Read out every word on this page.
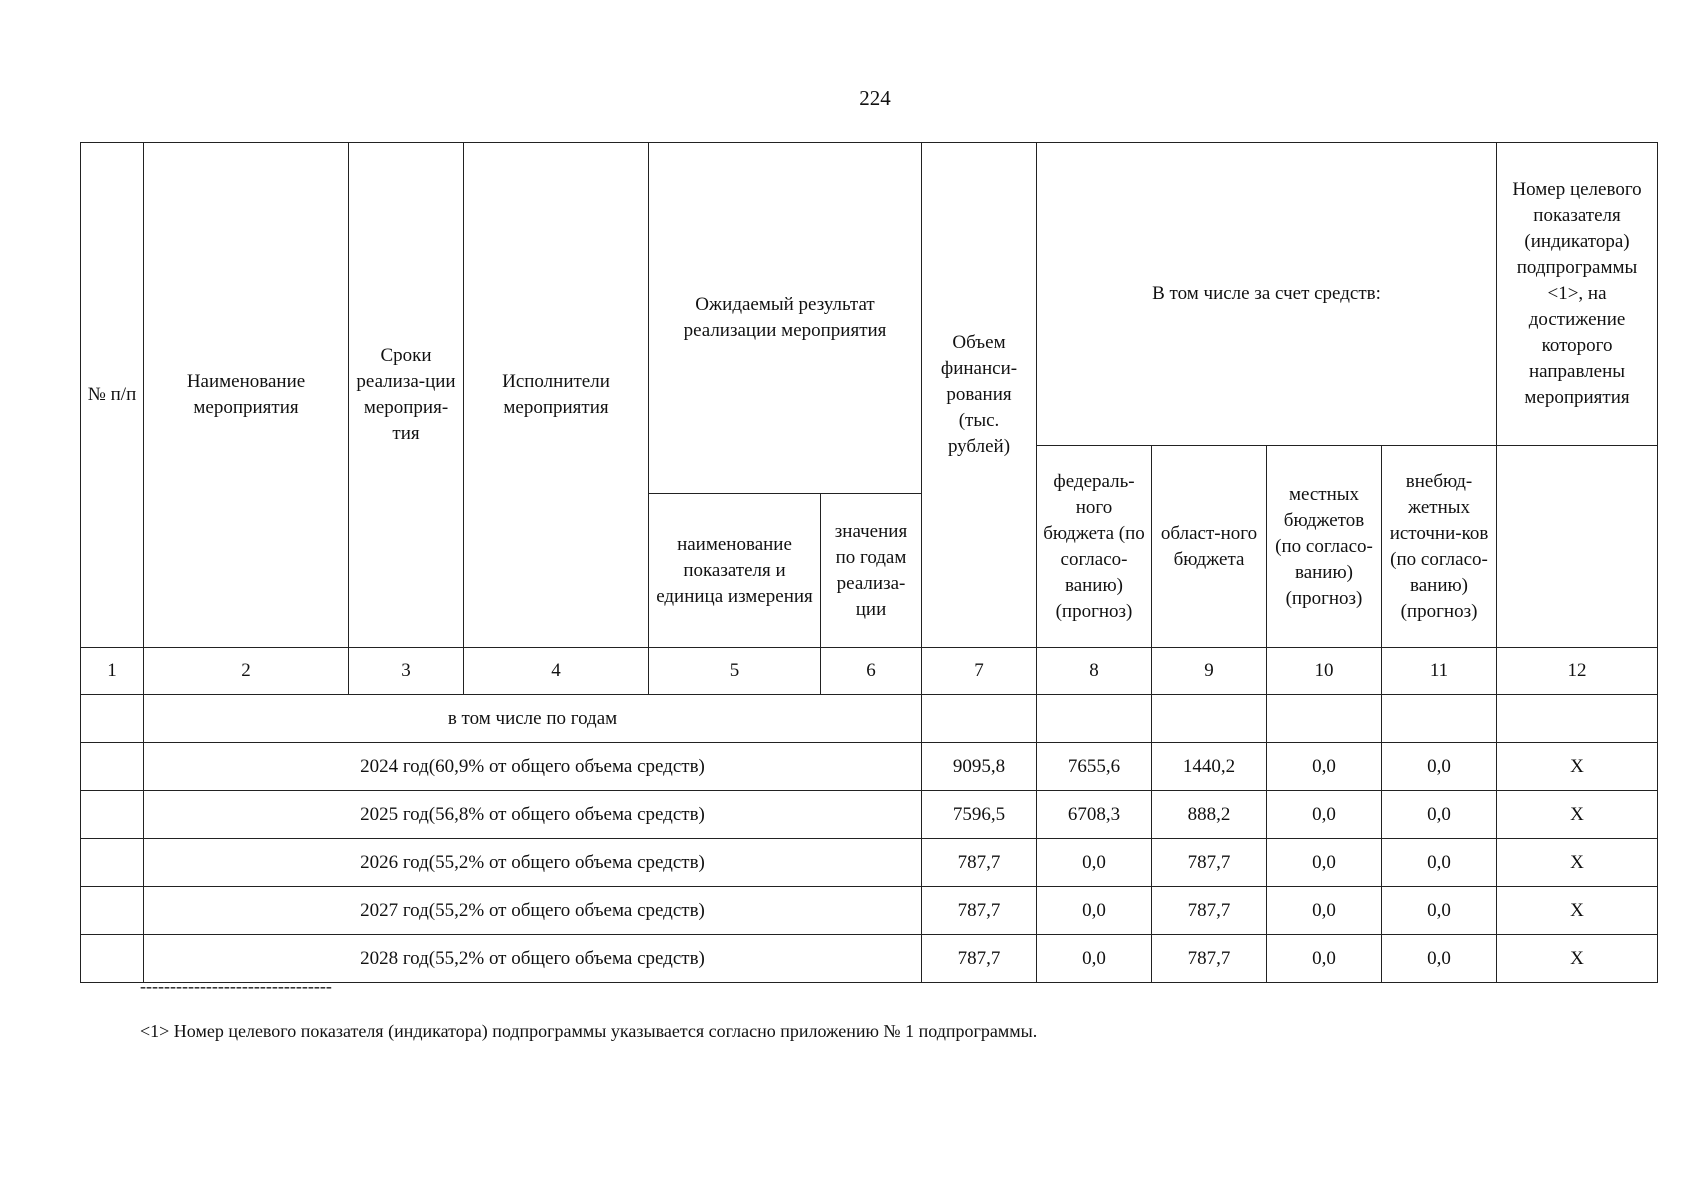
224
№ п/п	Наименование мероприятия	Сроки реализа-ции мероприя-тия	Исполнители мероприятия	Ожидаемый результат реализации мероприятия		Объем финанси-рования (тыс. рублей)	В том числе за счет средств:				Номер целевого показателя (индикатора) подпрограммы <1>, на достижение которого направлены мероприятия
							федераль-ного бюджета (по согласо-ванию) (прогноз)	област-ного бюджета	местных бюджетов (по согласо-ванию) (прогноз)	внебюд-жетных источни-ков (по согласо-ванию) (прогноз)	
				наименование показателя и единица измерения	значения по годам реализа-ции						
1	2	3	4	5	6	7	8	9	10	11	12
	в том числе по годам										
	2024 год(60,9% от общего объема средств)					9095,8	7655,6	1440,2	0,0	0,0	X
	2025 год(56,8% от общего объема средств)					7596,5	6708,3	888,2	0,0	0,0	X
	2026 год(55,2% от общего объема средств)					787,7	0,0	787,7	0,0	0,0	X
	2027 год(55,2% от общего объема средств)					787,7	0,0	787,7	0,0	0,0	X
	2028 год(55,2% от общего объема средств)					787,7	0,0	787,7	0,0	0,0	X
--------------------------------
<1> Номер целевого показателя (индикатора) подпрограммы указывается согласно приложению № 1 подпрограммы.
